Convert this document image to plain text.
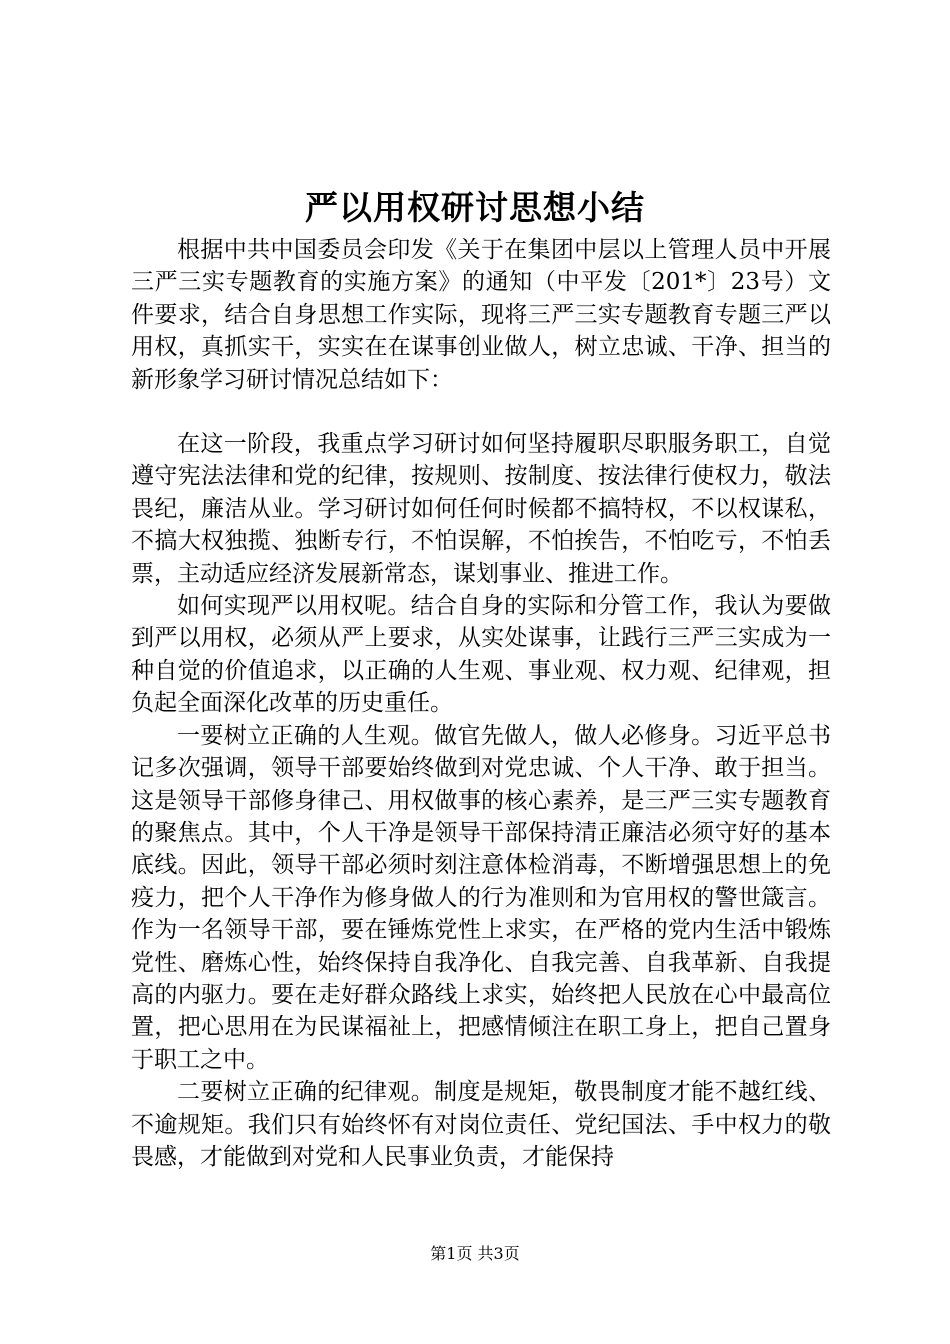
严以用权研讨思想小结

根据中共中国委员会印发《关于在集团中层以上管理人员中开展三严三实专题教育的实施方案》的通知（中平发〔201*〕23号）文件要求，结合自身思想工作实际，现将三严三实专题教育专题三严以用权，真抓实干，实实在在谋事创业做人，树立忠诚、干净、担当的新形象学习研讨情况总结如下：

在这一阶段，我重点学习研讨如何坚持履职尽职服务职工，自觉遵守宪法法律和党的纪律，按规则、按制度、按法律行使权力，敬法畏纪，廉洁从业。学习研讨如何任何时候都不搞特权，不以权谋私，不搞大权独揽、独断专行，不怕误解，不怕挨告，不怕吃亏，不怕丢票，主动适应经济发展新常态，谋划事业、推进工作。

如何实现严以用权呢。结合自身的实际和分管工作，我认为要做到严以用权，必须从严上要求，从实处谋事，让践行三严三实成为一种自觉的价值追求，以正确的人生观、事业观、权力观、纪律观，担负起全面深化改革的历史重任。

一要树立正确的人生观。做官先做人，做人必修身。习近平总书记多次强调，领导干部要始终做到对党忠诚、个人干净、敢于担当。这是领导干部修身律己、用权做事的核心素养，是三严三实专题教育的聚焦点。其中，个人干净是领导干部保持清正廉洁必须守好的基本底线。因此，领导干部必须时刻注意体检消毒，不断增强思想上的免疫力，把个人干净作为修身做人的行为准则和为官用权的警世箴言。作为一名领导干部，要在锤炼党性上求实，在严格的党内生活中锻炼党性、磨炼心性，始终保持自我净化、自我完善、自我革新、自我提高的内驱力。要在走好群众路线上求实，始终把人民放在心中最高位置，把心思用在为民谋福祉上，把感情倾注在职工身上，把自己置身于职工之中。

二要树立正确的纪律观。制度是规矩，敬畏制度才能不越红线、不逾规矩。我们只有始终怀有对岗位责任、党纪国法、手中权力的敬畏感，才能做到对党和人民事业负责，才能保持

第1页 共3页
